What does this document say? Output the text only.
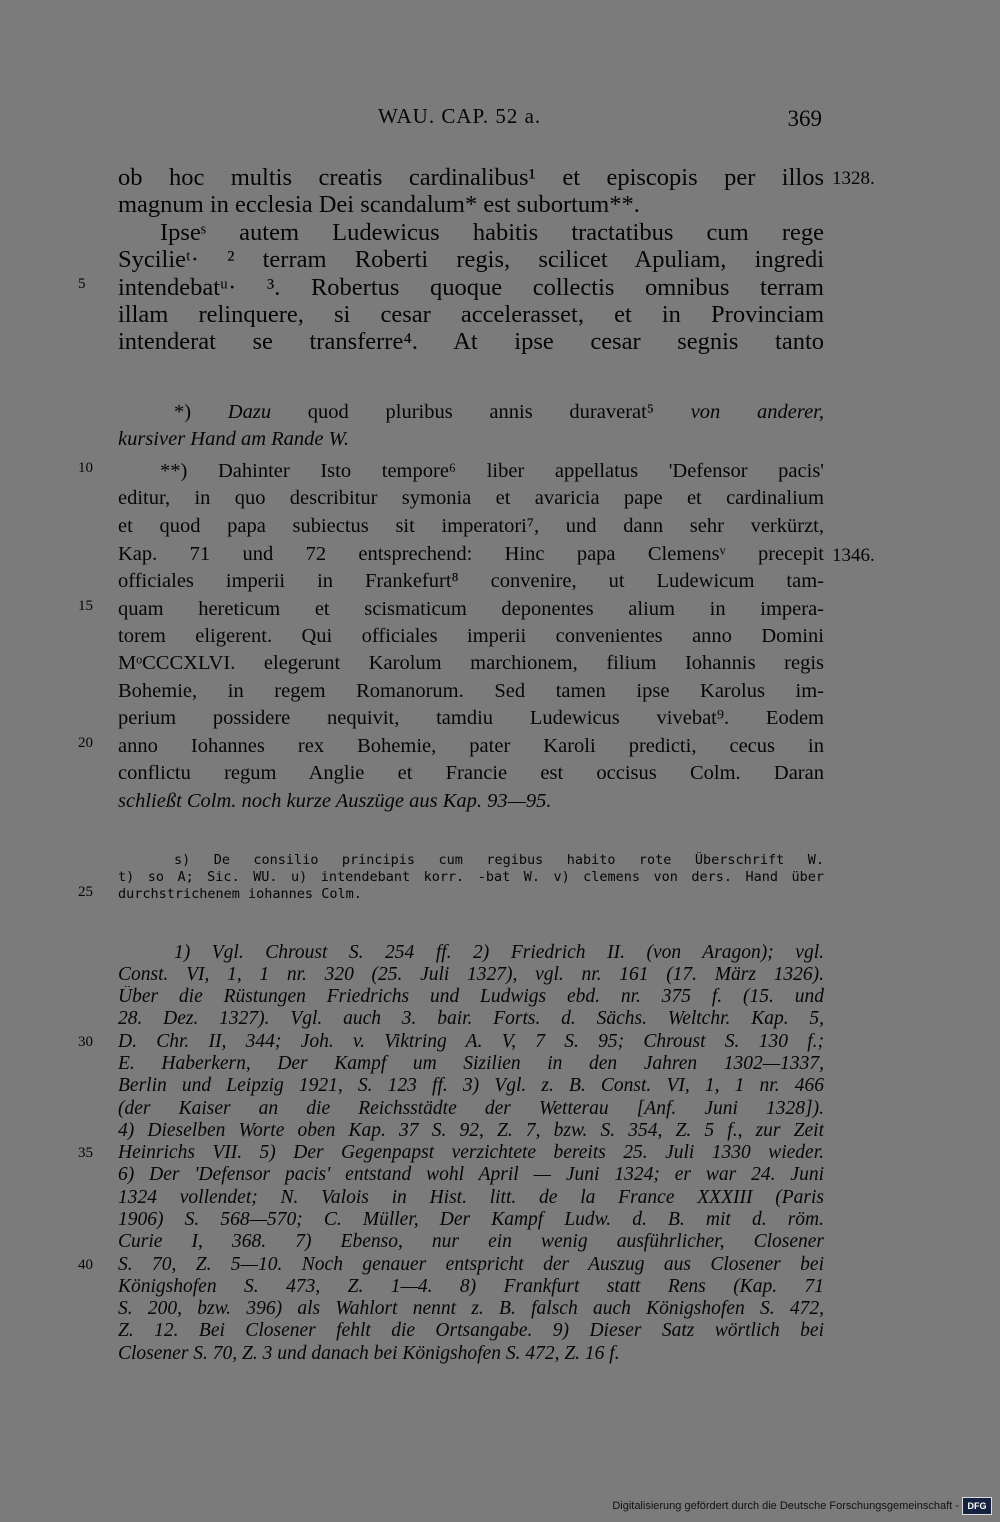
WAU. CAP. 52 a.	369
ob hoc multis creatis cardinalibus¹ et episcopis per illos
magnum in ecclesia Dei scandalum* est subortum**.
Ipseˢ autem Ludewicus habitis tractatibus cum rege
Sycilieᵗ· ² terram Roberti regis, scilicet Apuliam, ingredi
intendebatᵘ· ³. Robertus quoque collectis omnibus terram
illam relinquere, si cesar accelerasset, et in Provinciam
intenderat se transferre⁴. At ipse cesar segnis tanto
*) Dazu quod pluribus annis duraverat⁵ von anderer,
kursiver Hand am Rande W.
**) Dahinter Isto tempore⁶ liber appellatus 'Defensor pacis'
editur, in quo describitur symonia et avaricia pape et cardinalium
et quod papa subiectus sit imperatori⁷, und dann sehr verkürzt,
Kap. 71 und 72 entsprechend: Hinc papa Clemensᵛ precepit
officiales imperii in Frankefurt⁸ convenire, ut Ludewicum tam-
quam hereticum et scismaticum deponentes alium in impera-
torem eligerent. Qui officiales imperii convenientes anno Domini
MᵒCCCXLVI. elegerunt Karolum marchionem, filium Iohannis regis
Bohemie, in regem Romanorum. Sed tamen ipse Karolus im-
perium possidere nequivit, tamdiu Ludewicus vivebat⁹. Eodem
anno Iohannes rex Bohemie, pater Karoli predicti, cecus in
conflictu regum Anglie et Francie est occisus Colm. Daran
schließt Colm. noch kurze Auszüge aus Kap. 93—95.
s) De consilio principis cum regibus habito rote Überschrift W.
t) so A; Sic. WU. u) intendebant korr. -bat W. v) clemens von ders. Hand über
durchstrichenem iohannes Colm.
1) Vgl. Chroust S. 254 ff. 2) Friedrich II. (von Aragon); vgl.
Const. VI, 1, 1 nr. 320 (25. Juli 1327), vgl. nr. 161 (17. März 1326).
Über die Rüstungen Friedrichs und Ludwigs ebd. nr. 375 f. (15. und
28. Dez. 1327). Vgl. auch 3. bair. Forts. d. Sächs. Weltchr. Kap. 5,
D. Chr. II, 344; Joh. v. Viktring A. V, 7 S. 95; Chroust S. 130 f.;
E. Haberkern, Der Kampf um Sizilien in den Jahren 1302—1337,
Berlin und Leipzig 1921, S. 123 ff. 3) Vgl. z. B. Const. VI, 1, 1 nr. 466
(der Kaiser an die Reichsstädte der Wetterau [Anf. Juni 1328]).
4) Dieselben Worte oben Kap. 37 S. 92, Z. 7, bzw. S. 354, Z. 5 f., zur Zeit
Heinrichs VII. 5) Der Gegenpapst verzichtete bereits 25. Juli 1330 wieder.
6) Der 'Defensor pacis' entstand wohl April — Juni 1324; er war 24. Juni
1324 vollendet; N. Valois in Hist. litt. de la France XXXIII (Paris
1906) S. 568—570; C. Müller, Der Kampf Ludw. d. B. mit d. röm.
Curie I, 368. 7) Ebenso, nur ein wenig ausführlicher, Closener
S. 70, Z. 5—10. Noch genauer entspricht der Auszug aus Closener bei
Königshofen S. 473, Z. 1—4. 8) Frankfurt statt Rens (Kap. 71
S. 200, bzw. 396) als Wahlort nennt z. B. falsch auch Königshofen S. 472,
Z. 12. Bei Closener fehlt die Ortsangabe. 9) Dieser Satz wörtlich bei
Closener S. 70, Z. 3 und danach bei Königshofen S. 472, Z. 16 f.
5
10
15
20
25
30
35
40
1328.
1346.
Digitalisierung gefördert durch die Deutsche Forschungsgemeinschaft - DFG
